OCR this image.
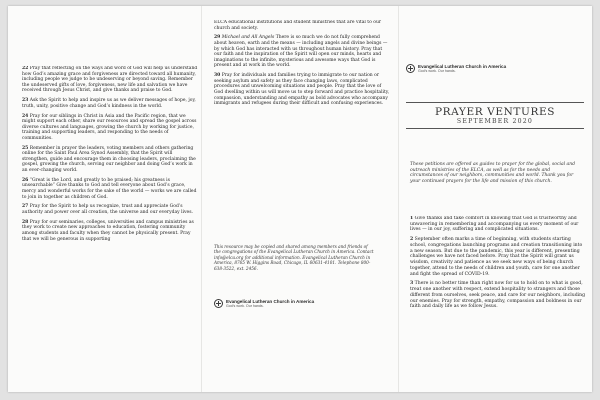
22 Pray that reflecting on the ways and word of God will help us understand how God’s amazing grace and forgiveness are directed toward all humanity, including people we judge to be undeserving or beyond saving. Remember the undeserved gifts of love, forgiveness, new life and salvation we have received through Jesus Christ, and give thanks and praise to God.

23 Ask the Spirit to help and inspire us as we deliver messages of hope, joy, truth, unity, positive change and God’s kindness in the world.

24 Pray for our siblings in Christ in Asia and the Pacific region, that we might support each other, share our resources and spread the gospel across diverse cultures and languages, growing the church by working for justice, training and supporting leaders, and responding to the needs of communities.

25 Remember in prayer the leaders, voting members and others gathering online for the Saint Paul Area Synod Assembly, that the Spirit will strengthen, guide and encourage them in choosing leaders, proclaiming the gospel, growing the church, serving our neighbor and doing God’s work in an ever-changing world.

26 “Great is the Lord, and greatly to be praised; his greatness is unsearchable” Give thanks to God and tell everyone about God’s grace, mercy and wonderful works for the sake of the world — works we are called to join in together as children of God.

27 Pray for the Spirit to help us recognize, trust and appreciate God’s authority and power over all creation, the universe and our everyday lives.

28 Pray for our seminaries, colleges, universities and campus ministries as they work to create new approaches to education, fostering community among students and faculty when they cannot be physically present. Pray that we will be generous in supporting

ELCA educational institutions and student ministries that are vital to our church and society.

29 Michael and All Angels There is so much we do not fully comprehend about heaven, earth and the means — including angels and divine beings — by which God has interacted with us throughout human history. Pray that our faith and the inspiration of the Spirit will open our minds, hearts and imaginations to the infinite, mysterious and awesome ways that God is present and at work in the world.

30 Pray for individuals and families trying to immigrate to our nation or seeking asylum and safety as they face changing laws, complicated procedures and unwelcoming situations and people. Pray that the love of God dwelling within us will move us to step forward and practice hospitality, compassion, understanding and empathy as bold advocates who accompany immigrants and refugees during their difficult and confusing experiences.

This resource may be copied and shared among members and friends of the congregations of the Evangelical Lutheran Church in America. Contact info@elca.org for additional information. Evangelical Lutheran Church in America, 8765 W. Higgins Road, Chicago, IL 60631-4101. Telephone 800-638-3522, ext. 2456.
Evangelical Lutheran Church in America
God’s work. Our hands.
Evangelical Lutheran Church in America
God’s work. Our hands.
PRAYER VENTURES
SEPTEMBER 2020
These petitions are offered as guides to prayer for the global, social and outreach ministries of the ELCA, as well as for the needs and circumstances of our neighbors, communities and world. Thank you for your continued prayers for the life and mission of this church.

1 Give thanks and take comfort in knowing that God is trustworthy and unwavering in remembering and accompanying us every moment of our lives — in our joy, suffering and complicated situations.

2 September often marks a time of beginning, with students starting school, congregations launching programs and creation transitioning into a new season. But due to the pandemic, this year is different, presenting challenges we have not faced before. Pray that the Spirit will grant us wisdom, creativity and patience as we seek new ways of being church together, attend to the needs of children and youth, care for one another and fight the spread of COVID-19.

3 There is no better time than right now for us to hold on to what is good, treat one another with respect, extend hospitality to strangers and those different from ourselves, seek peace, and care for our neighbors, including our enemies. Pray for strength, empathy, compassion and boldness in our faith and daily life as we follow Jesus.
